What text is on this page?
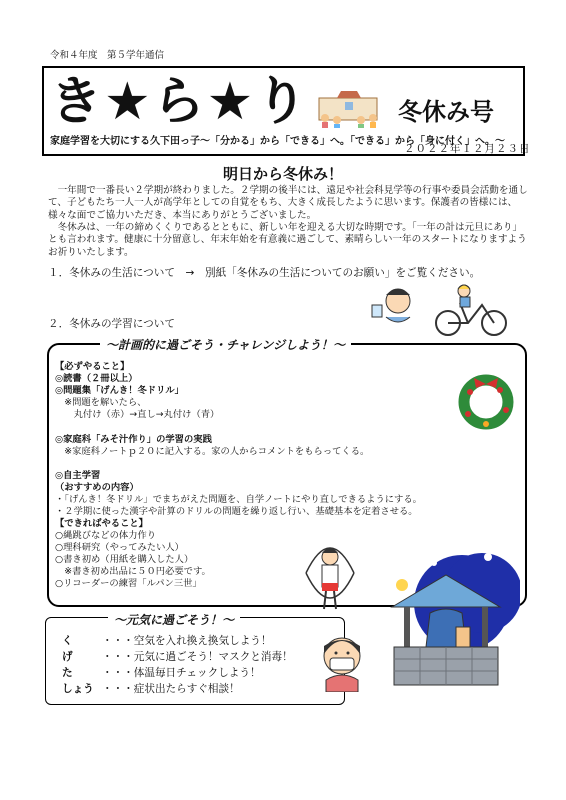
令和４年度　第５学年通信
き★ら★り	冬休み号
家庭学習を大切にする久下田っ子～「分かる」から「できる」へ。「できる」から「身に付く」へ。～
２０２２年１２月２３日
明日から冬休み！
　一年間で一番長い２学期が終わりました。２学期の後半には、遠足や社会科見学等の行事や委員会活動を通して、子どもたち一人一人が高学年としての自覚をもち、大きく成長したように思います。保護者の皆様には、様々な面でご協力いただき、本当にありがとうございました。
　冬休みは、一年の締めくくりであるとともに、新しい年を迎える大切な時期です。「一年の計は元旦にあり」とも言われます。健康に十分留意し、年末年始を有意義に過ごして、素晴らしい一年のスタートになりますようお祈りいたします。
１．冬休みの生活について　→　別紙「冬休みの生活についてのお願い」をご覧ください。
２．冬休みの学習について
～計画的に過ごそう・チャレンジしよう！～
【必ずやること】
◎読書（２冊以上）
◎問題集「げんき！冬ドリル」
　※問題を解いたら、
　　丸付け（赤）→直し→丸付け（青）
◎家庭科「みそ汁作り」の学習の実践
　※家庭科ノートｐ２０に記入する。家の人からコメントをもらってくる。
◎自主学習
（おすすめの内容）
・「げんき！冬ドリル」でまちがえた問題を、自学ノートにやり直しできるようにする。
・２学期に使った漢字や計算のドリルの問題を繰り返し行い、基礎基本を定着させる。
【できればやること】
○縄跳びなどの体力作り
○理科研究（やってみたい人）
○書き初め（用紙を購入した人）
　※書き初め出品に５０円必要です。
○リコーダーの練習「ルパン三世」
～元気に過ごそう！～
く	・・・空気を入れ換え換気しよう！
げ	・・・元気に過ごそう！マスクと消毒！
た	・・・体温毎日チェックしよう！
しょう ・・・症状出たらすぐ相談！
